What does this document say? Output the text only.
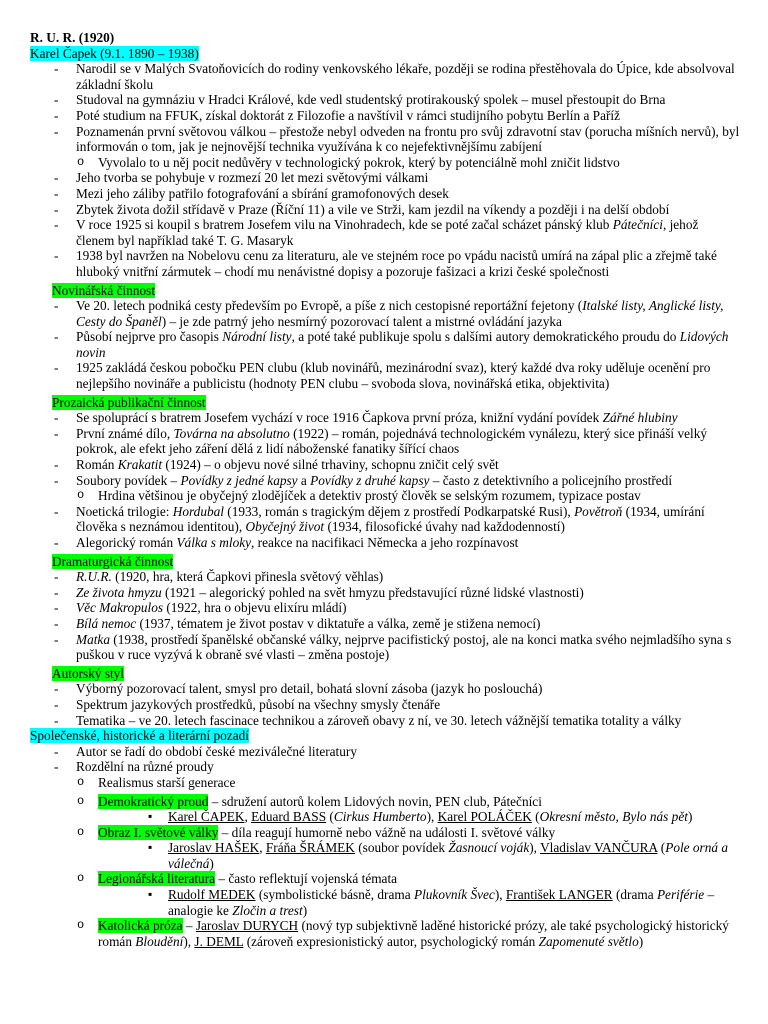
R. U. R. (1920)
Karel Čapek (9.1. 1890 – 1938)
- Narodil se v Malých Svatoňovicích do rodiny venkovského lékaře, později se rodina přestěhovala do Úpice, kde absolvoval základní školu
- Studoval na gymnáziu v Hradci Králové, kde vedl studentský protirakouský spolek – musel přestoupit do Brna
- Poté studium na FFUK, získal doktorát z Filozofie a navštívil v rámci studijního pobytu Berlín a Paříž
- Poznamenán první světovou válkou – přestože nebyl odveden na frontu pro svůj zdravotní stav (porucha míšních nervů), byl informován o tom, jak je nejnovější technika využívána k co nejefektivnějšímu zabíjení
o Vyvolalo to u něj pocit nedůvěry v technologický pokrok, který by potenciálně mohl zničit lidstvo
- Jeho tvorba se pohybuje v rozmezí 20 let mezi světovými válkami
- Mezi jeho záliby patřilo fotografování a sbírání gramofonových desek
- Zbytek života dožil střídavě v Praze (Říční 11) a vile ve Strži, kam jezdil na víkendy a později i na delší období
- V roce 1925 si koupil s bratrem Josefem vilu na Vinohradech, kde se poté začal scházet pánský klub Pátečníci, jehož členem byl například také T. G. Masaryk
- 1938 byl navržen na Nobelovu cenu za literaturu, ale ve stejném roce po vpádu nacistů umírá na zápal plic a zřejmě také hluboký vnitřní zármutek – chodí mu nenávistné dopisy a pozoruje fašizaci a krizi české společnosti
Novinářská činnost
- Ve 20. letech podniká cesty především po Evropě, a píše z nich cestopisné reportážní fejetony (Italské listy, Anglické listy, Cesty do Španěl) – je zde patrný jeho nesmírný pozorovací talent a mistrné ovládání jazyka
- Působí nejprve pro časopis Národní listy, a poté také publikuje spolu s dalšími autory demokratického proudu do Lidových novin
- 1925 zakládá českou pobočku PEN clubu (klub novinářů, mezinárodní svaz), který každé dva roky uděluje ocenění pro nejlepšího novináře a publicistu (hodnoty PEN clubu – svoboda slova, novinářská etika, objektivita)
Prozaická publikační činnost
- Se spoluprácí s bratrem Josefem vychází v roce 1916 Čapkova první próza, knižní vydání povídek Zářné hlubiny
- První známé dílo, Továrna na absolutno (1922) – román, pojednává technologickém vynálezu, který sice přináší velký pokrok, ale efekt jeho záření dělá z lidí náboženské fanatiky šířící chaos
- Román Krakatit (1924) – o objevu nové silné trhaviny, schopnu zničit celý svět
- Soubory povídek – Povídky z jedné kapsy a Povídky z druhé kapsy – často z detektivního a policejního prostředí
o Hrdina většinou je obyčejný zlodějíček a detektiv prostý člověk se selským rozumem, typizace postav
- Noetická trilogie: Hordubal (1933, román s tragickým dějem z prostředí Podkarpatské Rusi), Povětroň (1934, umírání člověka s neznámou identitou), Obyčejný život (1934, filosofické úvahy nad každodenností)
- Alegorický román Válka s mloky, reakce na nacifikaci Německa a jeho rozpínavost
Dramaturgická činnost
- R.U.R. (1920, hra, která Čapkovi přinesla světový věhlas)
- Ze života hmyzu (1921 – alegorický pohled na svět hmyzu představující různé lidské vlastnosti)
- Věc Makropulos (1922, hra o objevu elixíru mládí)
- Bílá nemoc (1937, tématem je život postav v diktatuře a válka, země je stižena nemocí)
- Matka (1938, prostředí španělské občanské války, nejprve pacifistický postoj, ale na konci matka svého nejmladšího syna s puškou v ruce vyzývá k obraně své vlasti – změna postoje)
Autorský styl
- Výborný pozorovací talent, smysl pro detail, bohatá slovní zásoba (jazyk ho poslouchá)
- Spektrum jazykových prostředků, působí na všechny smysly čtenáře
- Tematika – ve 20. letech fascinace technikou a zároveň obavy z ní, ve 30. letech vážnější tematika totality a války
Společenské, historické a literární pozadí
- Autor se řadí do období české meziválečné literatury
- Rozdělní na různé proudy
o Realismus starší generace
o Demokratický proud – sdružení autorů kolem Lidových novin, PEN club, Pátečníci
▪ Karel ČAPEK, Eduard BASS (Cirkus Humberto), Karel POLÁČEK (Okresní město, Bylo nás pět)
o Obraz I. světové války – díla reagují humorně nebo vážně na události I. světové války
▪ Jaroslav HAŠEK, Fráňa ŠRÁMEK (soubor povídek Žasnoucí voják), Vladislav VANČURA (Pole orná a válečná)
o Legionářská literatura – často reflektují vojenská témata
▪ Rudolf MEDEK (symbolistické básně, drama Plukovník Švec), František LANGER (drama Periférie – analogie ke Zločin a trest)
o Katolická próza – Jaroslav DURYCH (nový typ subjektivně laděné historické prózy, ale také psychologický historický román Bloudění), J. DEML (zároveň expresionistický autor, psychologický román Zapomenuté světlo)
